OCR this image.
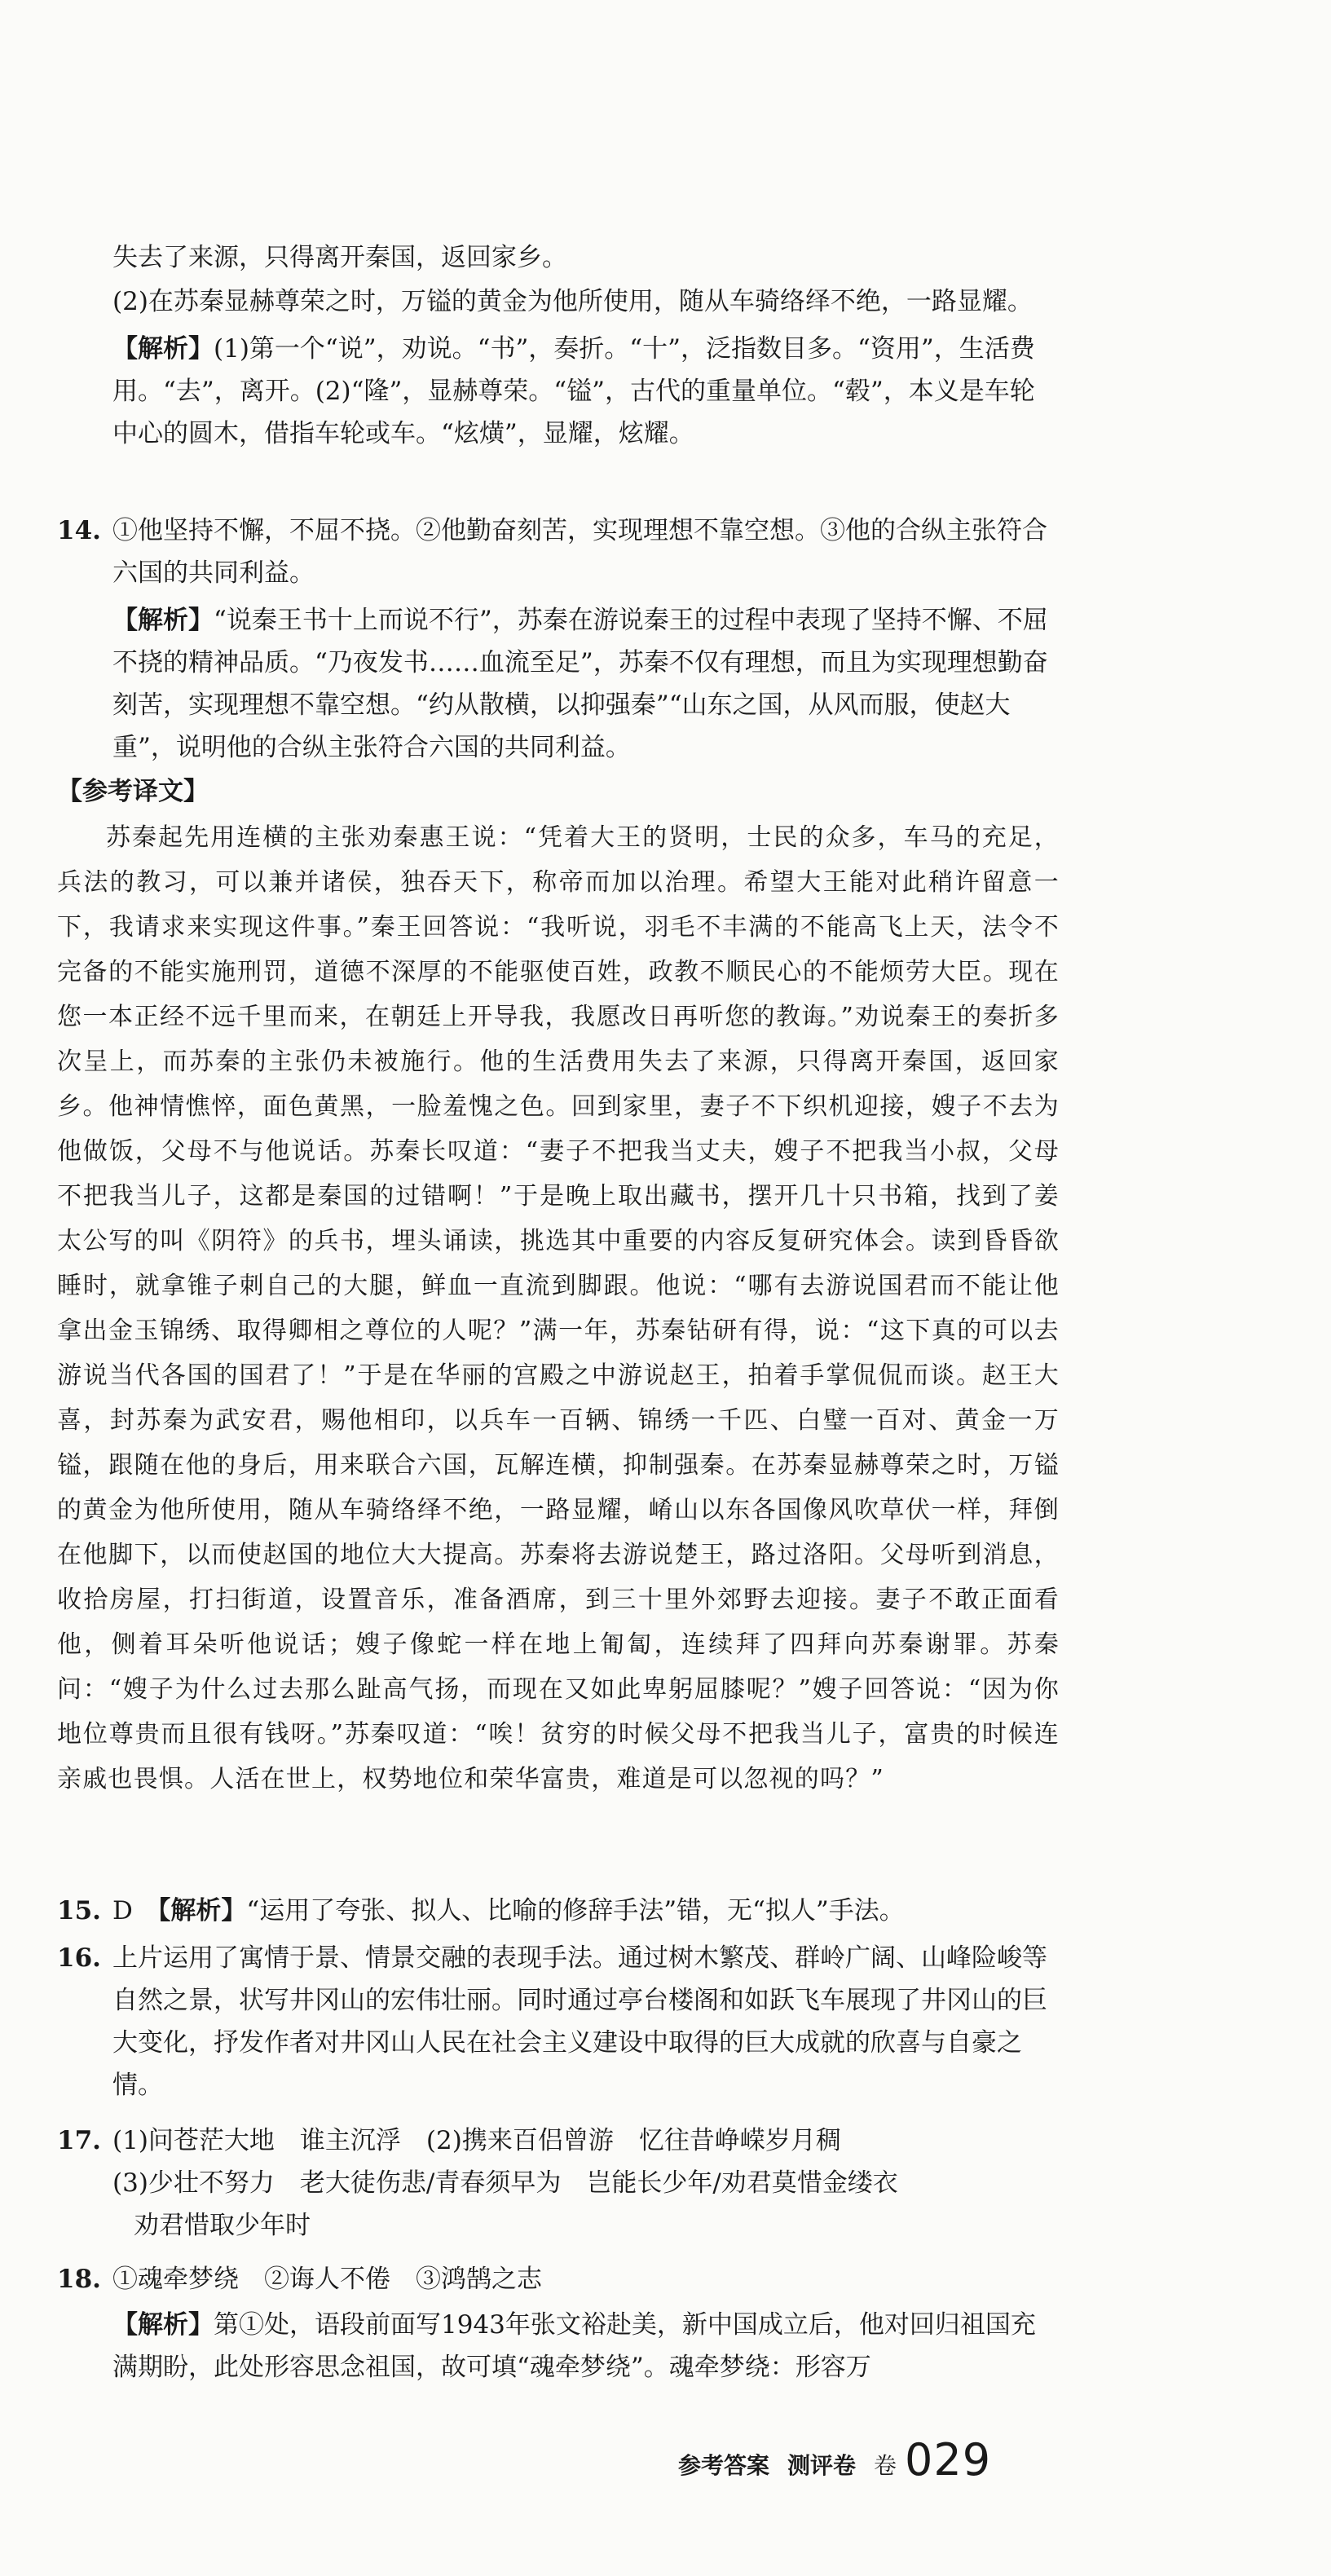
失去了来源，只得离开秦国，返回家乡。

(2)在苏秦显赫尊荣之时，万镒的黄金为他所使用，随从车骑络绎不绝，一路显耀。

【解析】(1)第一个“说”，劝说。“书”，奏折。“十”，泛指数目多。“资用”，生活费用。“去”，离开。(2)“隆”，显赫尊荣。“镒”，古代的重量单位。“毂”，本义是车轮中心的圆木，借指车轮或车。“炫熿”，显耀，炫耀。

14. ①他坚持不懈，不屈不挠。②他勤奋刻苦，实现理想不靠空想。③他的合纵主张符合六国的共同利益。

【解析】“说秦王书十上而说不行”，苏秦在游说秦王的过程中表现了坚持不懈、不屈不挠的精神品质。“乃夜发书……血流至足”，苏秦不仅有理想，而且为实现理想勤奋刻苦，实现理想不靠空想。“约从散横，以抑强秦”“山东之国，从风而服，使赵大重”，说明他的合纵主张符合六国的共同利益。

【参考译文】

苏秦起先用连横的主张劝秦惠王说：“凭着大王的贤明，士民的众多，车马的充足，兵法的教习，可以兼并诸侯，独吞天下，称帝而加以治理。希望大王能对此稍许留意一下，我请求来实现这件事。”秦王回答说：“我听说，羽毛不丰满的不能高飞上天，法令不完备的不能实施刑罚，道德不深厚的不能驱使百姓，政教不顺民心的不能烦劳大臣。现在您一本正经不远千里而来，在朝廷上开导我，我愿改日再听您的教诲。”劝说秦王的奏折多次呈上，而苏秦的主张仍未被施行。他的生活费用失去了来源，只得离开秦国，返回家乡。他神情憔悴，面色黄黑，一脸羞愧之色。回到家里，妻子不下织机迎接，嫂子不去为他做饭，父母不与他说话。苏秦长叹道：“妻子不把我当丈夫，嫂子不把我当小叔，父母不把我当儿子，这都是秦国的过错啊！”于是晚上取出藏书，摆开几十只书箱，找到了姜太公写的叫《阴符》的兵书，埋头诵读，挑选其中重要的内容反复研究体会。读到昏昏欲睡时，就拿锥子刺自己的大腿，鲜血一直流到脚跟。他说：“哪有去游说国君而不能让他拿出金玉锦绣、取得卿相之尊位的人呢？”满一年，苏秦钻研有得，说：“这下真的可以去游说当代各国的国君了！”于是在华丽的宫殿之中游说赵王，拍着手掌侃侃而谈。赵王大喜，封苏秦为武安君，赐他相印，以兵车一百辆、锦绣一千匹、白璧一百对、黄金一万镒，跟随在他的身后，用来联合六国，瓦解连横，抑制强秦。在苏秦显赫尊荣之时，万镒的黄金为他所使用，随从车骑络绎不绝，一路显耀，崤山以东各国像风吹草伏一样，拜倒在他脚下，以而使赵国的地位大大提高。苏秦将去游说楚王，路过洛阳。父母听到消息，收拾房屋，打扫街道，设置音乐，准备酒席，到三十里外郊野去迎接。妻子不敢正面看他，侧着耳朵听他说话；嫂子像蛇一样在地上匍匐，连续拜了四拜向苏秦谢罪。苏秦问：“嫂子为什么过去那么趾高气扬，而现在又如此卑躬屈膝呢？”嫂子回答说：“因为你地位尊贵而且很有钱呀。”苏秦叹道：“唉！贫穷的时候父母不把我当儿子，富贵的时候连亲戚也畏惧。人活在世上，权势地位和荣华富贵，难道是可以忽视的吗？”

15. D　 【解析】“运用了夸张、拟人、比喻的修辞手法”错，无“拟人”手法。

16. 上片运用了寓情于景、情景交融的表现手法。通过树木繁茂、群岭广阔、山峰险峻等自然之景，状写井冈山的宏伟壮丽。同时通过亭台楼阁和如跃飞车展现了井冈山的巨大变化，抒发作者对井冈山人民在社会主义建设中取得的巨大成就的欣喜与自豪之情。

17. (1)问苍茫大地　谁主沉浮　(2)携来百侣曾游　忆往昔峥嵘岁月稠

(3)少壮不努力　老大徒伤悲/青春须早为　岂能长少年/劝君莫惜金缕衣

劝君惜取少年时

18. ①魂牵梦绕　②诲人不倦　③鸿鹄之志

【解析】第①处，语段前面写1943年张文裕赴美，新中国成立后，他对回归祖国充满期盼，此处形容思念祖国，故可填“魂牵梦绕”。魂牵梦绕：形容万

参考答案 测评卷 卷 029
